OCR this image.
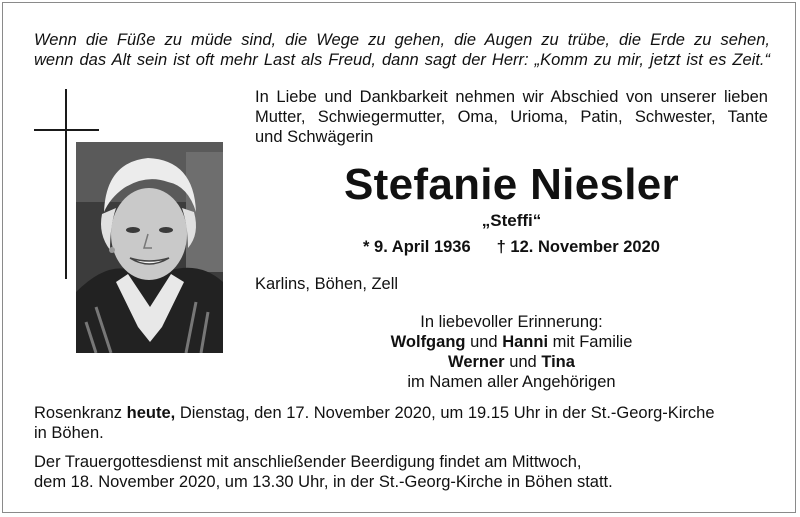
Wenn die Füße zu müde sind, die Wege zu gehen, die Augen zu trübe, die Erde zu sehen,
wenn das Alt sein ist oft mehr Last als Freud, dann sagt der Herr: „Komm zu mir, jetzt ist es Zeit.“
In Liebe und Dankbarkeit nehmen wir Abschied von unserer lieben
Mutter, Schwiegermutter, Oma, Urioma, Patin, Schwester, Tante
und Schwägerin
Stefanie Niesler
„Steffi“
* 9. April 1936 † 12. November 2020
Karlins, Böhen, Zell
In liebevoller Erinnerung:
Wolfgang und Hanni mit Familie
Werner und Tina
im Namen aller Angehörigen
Rosenkranz heute, Dienstag, den 17. November 2020, um 19.15 Uhr in der St.-Georg-Kirche
in Böhen.
Der Trauergottesdienst mit anschließender Beerdigung findet am Mittwoch,
dem 18. November 2020, um 13.30 Uhr, in der St.-Georg-Kirche in Böhen statt.
